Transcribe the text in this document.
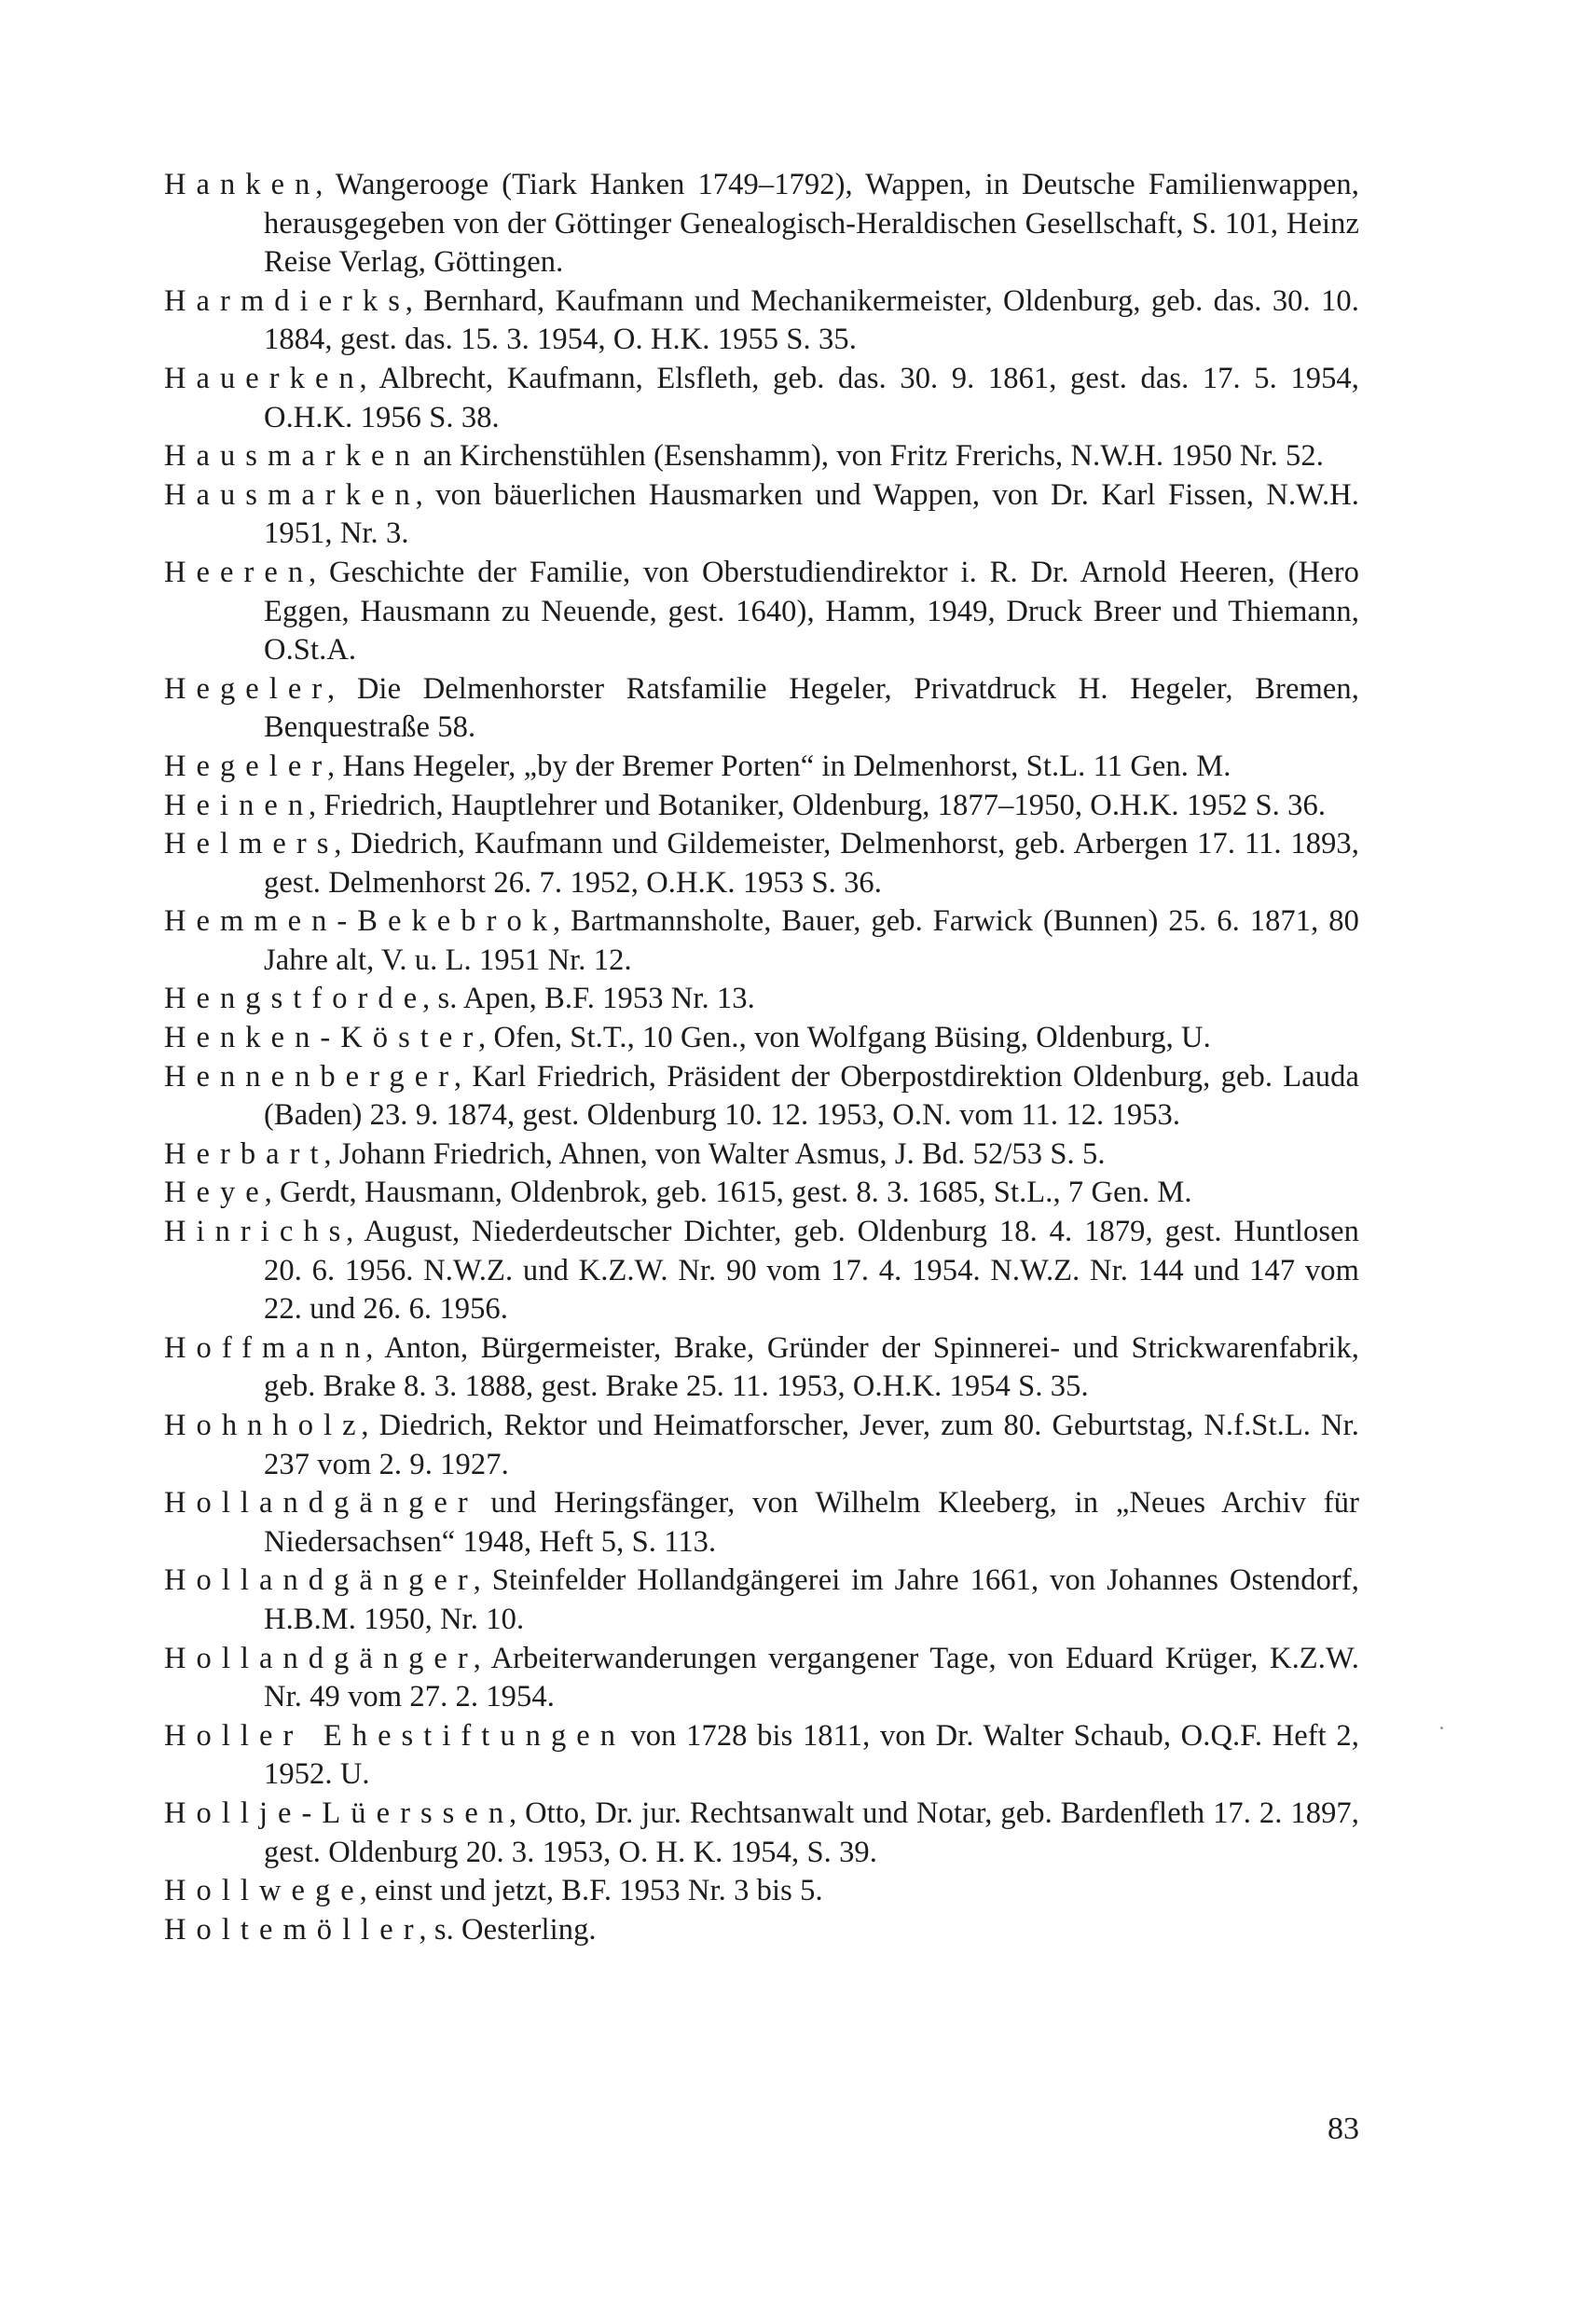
Hanken, Wangerooge (Tiark Hanken 1749–1792), Wappen, in Deutsche Familienwappen, herausgegeben von der Göttinger Genealogisch-Heraldischen Gesellschaft, S. 101, Heinz Reise Verlag, Göttingen.

Harmdierks, Bernhard, Kaufmann und Mechanikermeister, Oldenburg, geb. das. 30. 10. 1884, gest. das. 15. 3. 1954, O. H.K. 1955 S. 35.

Hauerken, Albrecht, Kaufmann, Elsfleth, geb. das. 30. 9. 1861, gest. das. 17. 5. 1954, O.H.K. 1956 S. 38.

Hausmarken an Kirchenstühlen (Esenshamm), von Fritz Frerichs, N.W.H. 1950 Nr. 52.

Hausmarken, von bäuerlichen Hausmarken und Wappen, von Dr. Karl Fissen, N.W.H. 1951, Nr. 3.

Heeren, Geschichte der Familie, von Oberstudiendirektor i. R. Dr. Arnold Heeren, (Hero Eggen, Hausmann zu Neuende, gest. 1640), Hamm, 1949, Druck Breer und Thiemann, O.St.A.

Hegeler, Die Delmenhorster Ratsfamilie Hegeler, Privatdruck H. Hegeler, Bremen, Benquestraße 58.

Hegeler, Hans Hegeler, „by der Bremer Porten“ in Delmenhorst, St.L. 11 Gen. M.

Heinen, Friedrich, Hauptlehrer und Botaniker, Oldenburg, 1877–1950, O.H.K. 1952 S. 36.

Helmers, Diedrich, Kaufmann und Gildemeister, Delmenhorst, geb. Arbergen 17. 11. 1893, gest. Delmenhorst 26. 7. 1952, O.H.K. 1953 S. 36.

Hemmen-Bekebrok, Bartmannsholte, Bauer, geb. Farwick (Bunnen) 25. 6. 1871, 80 Jahre alt, V. u. L. 1951 Nr. 12.

Hengstforde, s. Apen, B.F. 1953 Nr. 13.

Henken-Köster, Ofen, St.T., 10 Gen., von Wolfgang Büsing, Oldenburg, U.

Hennenberger, Karl Friedrich, Präsident der Oberpostdirektion Oldenburg, geb. Lauda (Baden) 23. 9. 1874, gest. Oldenburg 10. 12. 1953, O.N. vom 11. 12. 1953.

Herbart, Johann Friedrich, Ahnen, von Walter Asmus, J. Bd. 52/53 S. 5.

Heye, Gerdt, Hausmann, Oldenbrok, geb. 1615, gest. 8. 3. 1685, St.L., 7 Gen. M.

Hinrichs, August, Niederdeutscher Dichter, geb. Oldenburg 18. 4. 1879, gest. Huntlosen 20. 6. 1956. N.W.Z. und K.Z.W. Nr. 90 vom 17. 4. 1954. N.W.Z. Nr. 144 und 147 vom 22. und 26. 6. 1956.

Hoffmann, Anton, Bürgermeister, Brake, Gründer der Spinnerei- und Strickwarenfabrik, geb. Brake 8. 3. 1888, gest. Brake 25. 11. 1953, O.H.K. 1954 S. 35.

Hohnholz, Diedrich, Rektor und Heimatforscher, Jever, zum 80. Geburtstag, N.f.St.L. Nr. 237 vom 2. 9. 1927.

Hollandgänger und Heringsfänger, von Wilhelm Kleeberg, in „Neues Archiv für Niedersachsen“ 1948, Heft 5, S. 113.

Hollandgänger, Steinfelder Hollandgängerei im Jahre 1661, von Johannes Ostendorf, H.B.M. 1950, Nr. 10.

Hollandgänger, Arbeiterwanderungen vergangener Tage, von Eduard Krüger, K.Z.W. Nr. 49 vom 27. 2. 1954.

Holler Ehestiftungen von 1728 bis 1811, von Dr. Walter Schaub, O.Q.F. Heft 2, 1952. U.

Hollje-Lüerssen, Otto, Dr. jur. Rechtsanwalt und Notar, geb. Bardenfleth 17. 2. 1897, gest. Oldenburg 20. 3. 1953, O. H. K. 1954, S. 39.

Hollwege, einst und jetzt, B.F. 1953 Nr. 3 bis 5.

Holtemöller, s. Oesterling.

83
